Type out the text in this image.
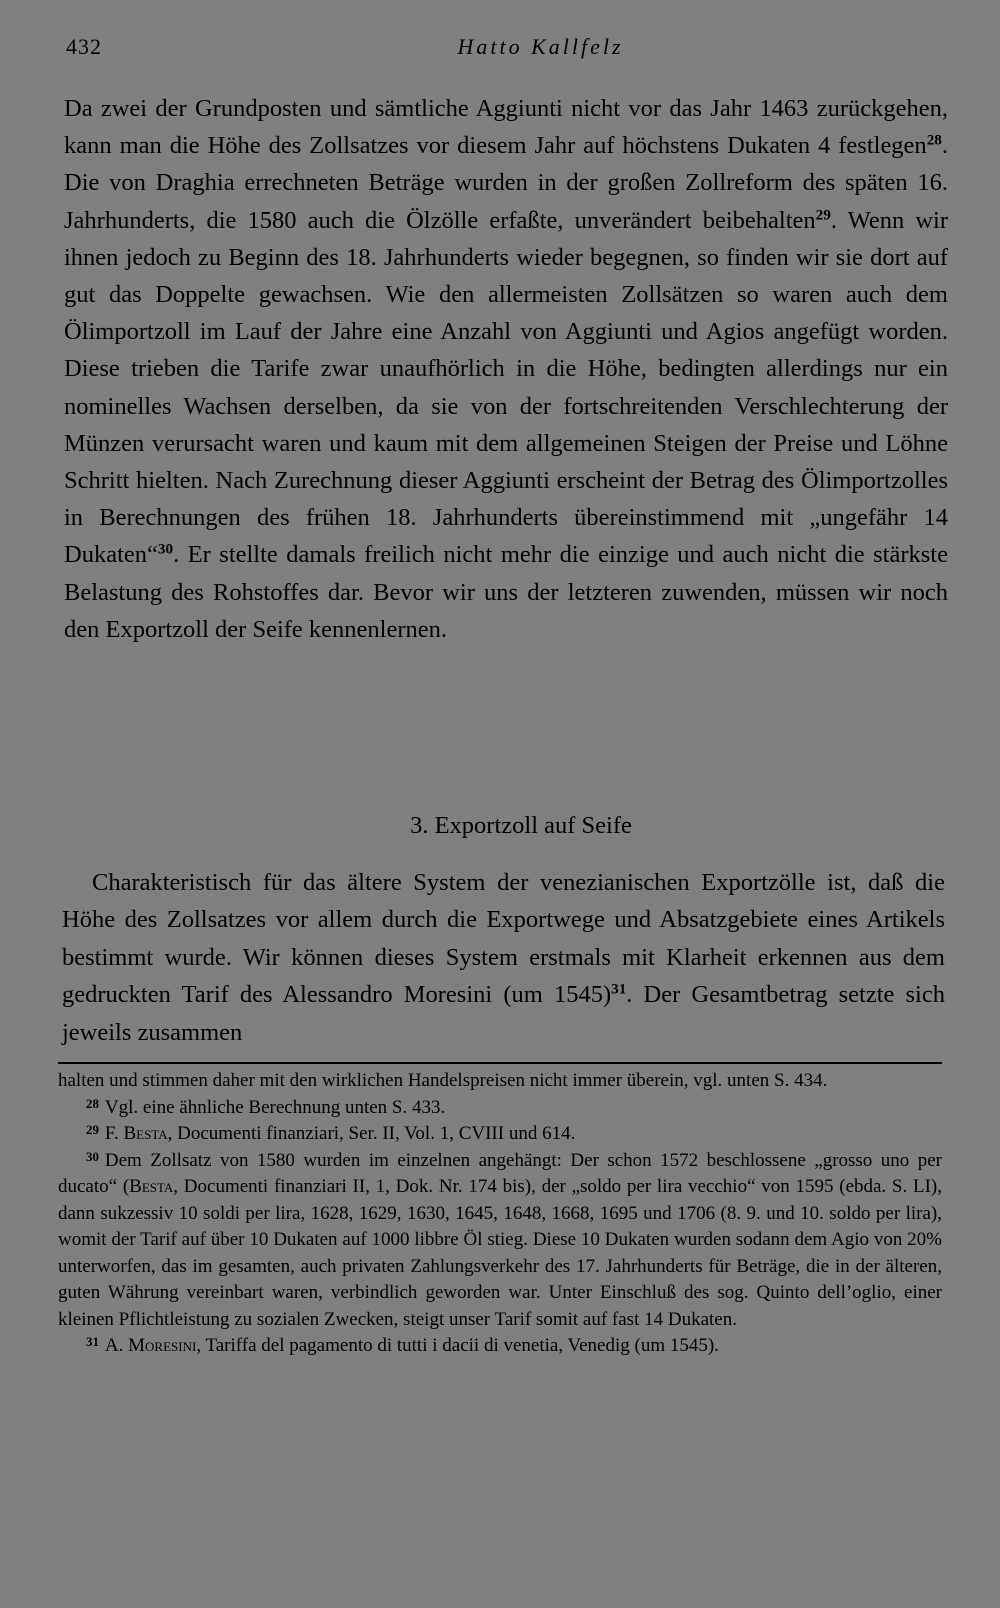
432	Hatto Kallfelz

Da zwei der Grundposten und sämtliche Aggiunti nicht vor das Jahr 1463 zurückgehen, kann man die Höhe des Zollsatzes vor diesem Jahr auf höchstens Dukaten 4 festlegen$^{28}$. Die von Draghia errechneten Beträge wurden in der großen Zollreform des späten 16. Jahrhunderts, die 1580 auch die Ölzölle erfaßte, unverändert beibehalten$^{29}$. Wenn wir ihnen jedoch zu Beginn des 18. Jahrhunderts wieder begegnen, so finden wir sie dort auf gut das Doppelte gewachsen. Wie den allermeisten Zollsätzen so waren auch dem Ölimportzoll im Lauf der Jahre eine Anzahl von Aggiunti und Agios angefügt worden. Diese trieben die Tarife zwar unaufhörlich in die Höhe, bedingten allerdings nur ein nominelles Wachsen derselben, da sie von der fortschreitenden Verschlechterung der Münzen verursacht waren und kaum mit dem allgemeinen Steigen der Preise und Löhne Schritt hielten. Nach Zurechnung dieser Aggiunti erscheint der Betrag des Ölimportzolles in Berechnungen des frühen 18. Jahrhunderts übereinstimmend mit „ungefähr 14 Dukaten“$^{30}$. Er stellte damals freilich nicht mehr die einzige und auch nicht die stärkste Belastung des Rohstoffes dar. Bevor wir uns der letzteren zuwenden, müssen wir noch den Exportzoll der Seife kennenlernen.

3. Exportzoll auf Seife

Charakteristisch für das ältere System der venezianischen Exportzölle ist, daß die Höhe des Zollsatzes vor allem durch die Exportwege und Absatzgebiete eines Artikels bestimmt wurde. Wir können dieses System erstmals mit Klarheit erkennen aus dem gedruckten Tarif des Alessandro Moresini (um 1545)$^{31}$. Der Gesamtbetrag setzte sich jeweils zusammen

halten und stimmen daher mit den wirklichen Handelspreisen nicht immer überein, vgl. unten S. 434.

$^{28}$ Vgl. eine ähnliche Berechnung unten S. 433.

$^{29}$ F. Besta, Documenti finanziari, Ser. II, Vol. 1, CVIII und 614.

$^{30}$ Dem Zollsatz von 1580 wurden im einzelnen angehängt: Der schon 1572 beschlossene „grosso uno per ducato“ (Besta, Documenti finanziari II, 1, Dok. Nr. 174 bis), der „soldo per lira vecchio“ von 1595 (ebda. S. LI), dann sukzessiv 10 soldi per lira, 1628, 1629, 1630, 1645, 1648, 1668, 1695 und 1706 (8. 9. und 10. soldo per lira), womit der Tarif auf über 10 Dukaten auf 1000 libbre Öl stieg. Diese 10 Dukaten wurden sodann dem Agio von 20% unterworfen, das im gesamten, auch privaten Zahlungsverkehr des 17. Jahrhunderts für Beträge, die in der älteren, guten Währung vereinbart waren, verbindlich geworden war. Unter Einschluß des sog. Quinto dell’oglio, einer kleinen Pflichtleistung zu sozialen Zwecken, steigt unser Tarif somit auf fast 14 Dukaten.

$^{31}$ A. Moresini, Tariffa del pagamento di tutti i dacii di venetia, Venedig (um 1545).
